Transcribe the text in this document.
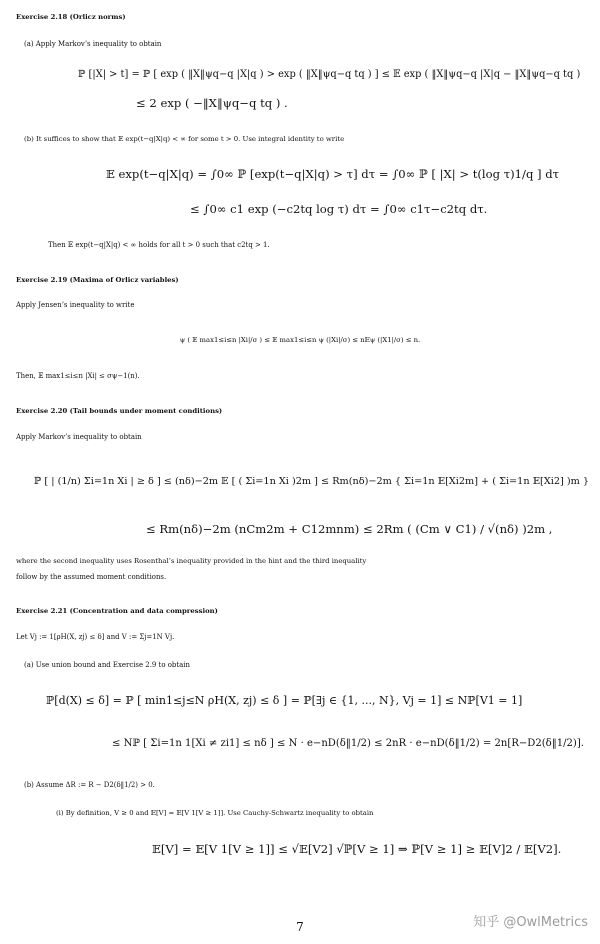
Exercise 2.18 (Orlicz norms)
(a) Apply Markov’s inequality to obtain
ℙ [|X| > t] = ℙ [ exp ( ‖X‖ψq−q |X|q ) > exp ( ‖X‖ψq−q tq ) ] ≤ 𝔼 exp ( ‖X‖ψq−q |X|q − ‖X‖ψq−q tq )
≤ 2 exp ( −‖X‖ψq−q tq ) .
(b) It suffices to show that 𝔼 exp(t−q|X|q) < ∞ for some t > 0. Use integral identity to write
𝔼 exp(t−q|X|q) = ∫0∞ ℙ [exp(t−q|X|q) > τ] dτ = ∫0∞ ℙ [ |X| > t(log τ)1/q ] dτ
≤ ∫0∞ c1 exp (−c2tq log τ) dτ = ∫0∞ c1τ−c2tq dτ.
Then 𝔼 exp(t−q|X|q) < ∞ holds for all t > 0 such that c2tq > 1.
Exercise 2.19 (Maxima of Orlicz variables)
Apply Jensen’s inequality to write
ψ ( 𝔼 max1≤i≤n |Xi|/σ ) ≤ 𝔼 max1≤i≤n ψ (|Xi|/σ) ≤ n𝔼ψ (|X1|/σ) ≤ n.
Then, 𝔼 max1≤i≤n |Xi| ≤ σψ−1(n).
Exercise 2.20 (Tail bounds under moment conditions)
Apply Markov’s inequality to obtain
ℙ [ | (1/n) Σi=1n Xi | ≥ δ ] ≤ (nδ)−2m 𝔼 [ ( Σi=1n Xi )2m ] ≤ Rm(nδ)−2m { Σi=1n 𝔼[Xi2m] + ( Σi=1n 𝔼[Xi2] )m }
≤ Rm(nδ)−2m (nCm2m + C12mnm) ≤ 2Rm ( (Cm ∨ C1) / √(nδ) )2m ,
where the second inequality uses Rosenthal’s inequality provided in the hint and the third inequality
follow by the assumed moment conditions.
Exercise 2.21 (Concentration and data compression)
Let Vj := 1[ρH(X, zj) ≤ δ] and V := Σj=1N Vj.
(a) Use union bound and Exercise 2.9 to obtain
ℙ[d(X) ≤ δ] = ℙ [ min1≤j≤N ρH(X, zj) ≤ δ ] = ℙ[∃j ∈ {1, ..., N}, Vj = 1] ≤ Nℙ[V1 = 1]
≤ Nℙ [ Σi=1n 1[Xi ≠ zi1] ≤ nδ ] ≤ N · e−nD(δ‖1/2) ≤ 2nR · e−nD(δ‖1/2) = 2n[R−D2(δ‖1/2)].
(b) Assume ΔR := R − D2(δ‖1/2) > 0.
(i) By definition, V ≥ 0 and 𝔼[V] = 𝔼[V 1[V ≥ 1]]. Use Cauchy-Schwartz inequality to obtain
𝔼[V] = 𝔼[V 1[V ≥ 1]] ≤ √𝔼[V2] √ℙ[V ≥ 1] ⇒ ℙ[V ≥ 1] ≥ 𝔼[V]2 / 𝔼[V2].
7	知乎 @OwlMetrics
